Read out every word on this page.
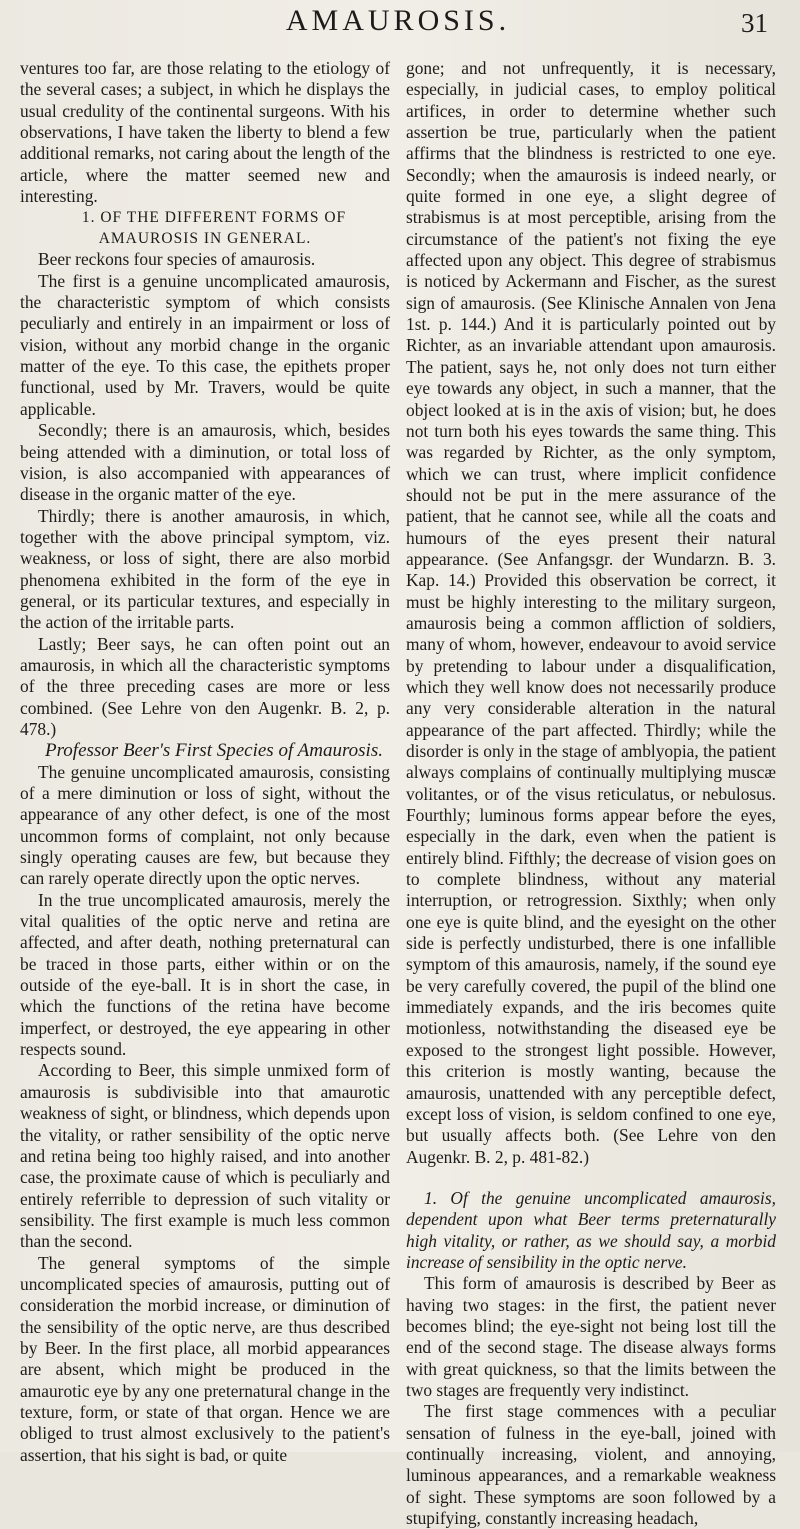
AMAUROSIS.	31

ventures too far, are those relating to the etiology of the several cases; a subject, in which he displays the usual credulity of the continental surgeons. With his observations, I have taken the liberty to blend a few additional remarks, not caring about the length of the article, where the matter seemed new and interesting.

1. OF THE DIFFERENT FORMS OF AMAUROSIS IN GENERAL.

Beer reckons four species of amaurosis.

The first is a genuine uncomplicated amaurosis, the characteristic symptom of which consists peculiarly and entirely in an impairment or loss of vision, without any morbid change in the organic matter of the eye. To this case, the epithets proper functional, used by Mr. Travers, would be quite applicable.

Secondly; there is an amaurosis, which, besides being attended with a diminution, or total loss of vision, is also accompanied with appearances of disease in the organic matter of the eye.

Thirdly; there is another amaurosis, in which, together with the above principal symptom, viz. weakness, or loss of sight, there are also morbid phenomena exhibited in the form of the eye in general, or its particular textures, and especially in the action of the irritable parts.

Lastly; Beer says, he can often point out an amaurosis, in which all the characteristic symptoms of the three preceding cases are more or less combined. (See Lehre von den Augenkr. B. 2, p. 478.)

Professor Beer's First Species of Amaurosis.

The genuine uncomplicated amaurosis, consisting of a mere diminution or loss of sight, without the appearance of any other defect, is one of the most uncommon forms of complaint, not only because singly operating causes are few, but because they can rarely operate directly upon the optic nerves.

In the true uncomplicated amaurosis, merely the vital qualities of the optic nerve and retina are affected, and after death, nothing preternatural can be traced in those parts, either within or on the outside of the eye-ball. It is in short the case, in which the functions of the retina have become imperfect, or destroyed, the eye appearing in other respects sound.

According to Beer, this simple unmixed form of amaurosis is subdivisible into that amaurotic weakness of sight, or blindness, which depends upon the vitality, or rather sensibility of the optic nerve and retina being too highly raised, and into another case, the proximate cause of which is peculiarly and entirely referrible to depression of such vitality or sensibility. The first example is much less common than the second.

The general symptoms of the simple uncomplicated species of amaurosis, putting out of consideration the morbid increase, or diminution of the sensibility of the optic nerve, are thus described by Beer. In the first place, all morbid appearances are absent, which might be produced in the amaurotic eye by any one preternatural change in the texture, form, or state of that organ. Hence we are obliged to trust almost exclusively to the patient's assertion, that his sight is bad, or quite

gone; and not unfrequently, it is necessary, especially, in judicial cases, to employ political artifices, in order to determine whether such assertion be true, particularly when the patient affirms that the blindness is restricted to one eye. Secondly; when the amaurosis is indeed nearly, or quite formed in one eye, a slight degree of strabismus is at most perceptible, arising from the circumstance of the patient's not fixing the eye affected upon any object. This degree of strabismus is noticed by Ackermann and Fischer, as the surest sign of amaurosis. (See Klinische Annalen von Jena 1st. p. 144.) And it is particularly pointed out by Richter, as an invariable attendant upon amaurosis. The patient, says he, not only does not turn either eye towards any object, in such a manner, that the object looked at is in the axis of vision; but, he does not turn both his eyes towards the same thing. This was regarded by Richter, as the only symptom, which we can trust, where implicit confidence should not be put in the mere assurance of the patient, that he cannot see, while all the coats and humours of the eyes present their natural appearance. (See Anfangsgr. der Wundarzn. B. 3. Kap. 14.) Provided this observation be correct, it must be highly interesting to the military surgeon, amaurosis being a common affliction of soldiers, many of whom, however, endeavour to avoid service by pretending to labour under a disqualification, which they well know does not necessarily produce any very considerable alteration in the natural appearance of the part affected. Thirdly; while the disorder is only in the stage of amblyopia, the patient always complains of continually multiplying muscæ volitantes, or of the visus reticulatus, or nebulosus. Fourthly; luminous forms appear before the eyes, especially in the dark, even when the patient is entirely blind. Fifthly; the decrease of vision goes on to complete blindness, without any material interruption, or retrogression. Sixthly; when only one eye is quite blind, and the eyesight on the other side is perfectly undisturbed, there is one infallible symptom of this amaurosis, namely, if the sound eye be very carefully covered, the pupil of the blind one immediately expands, and the iris becomes quite motionless, notwithstanding the diseased eye be exposed to the strongest light possible. However, this criterion is mostly wanting, because the amaurosis, unattended with any perceptible defect, except loss of vision, is seldom confined to one eye, but usually affects both. (See Lehre von den Augenkr. B. 2, p. 481-82.)

1. Of the genuine uncomplicated amaurosis, dependent upon what Beer terms preternaturally high vitality, or rather, as we should say, a morbid increase of sensibility in the optic nerve.

This form of amaurosis is described by Beer as having two stages: in the first, the patient never becomes blind; the eye-sight not being lost till the end of the second stage. The disease always forms with great quickness, so that the limits between the two stages are frequently very indistinct.

The first stage commences with a peculiar sensation of fulness in the eye-ball, joined with continually increasing, violent, and annoying, luminous appearances, and a remarkable weakness of sight. These symptoms are soon followed by a stupifying, constantly increasing headach,
